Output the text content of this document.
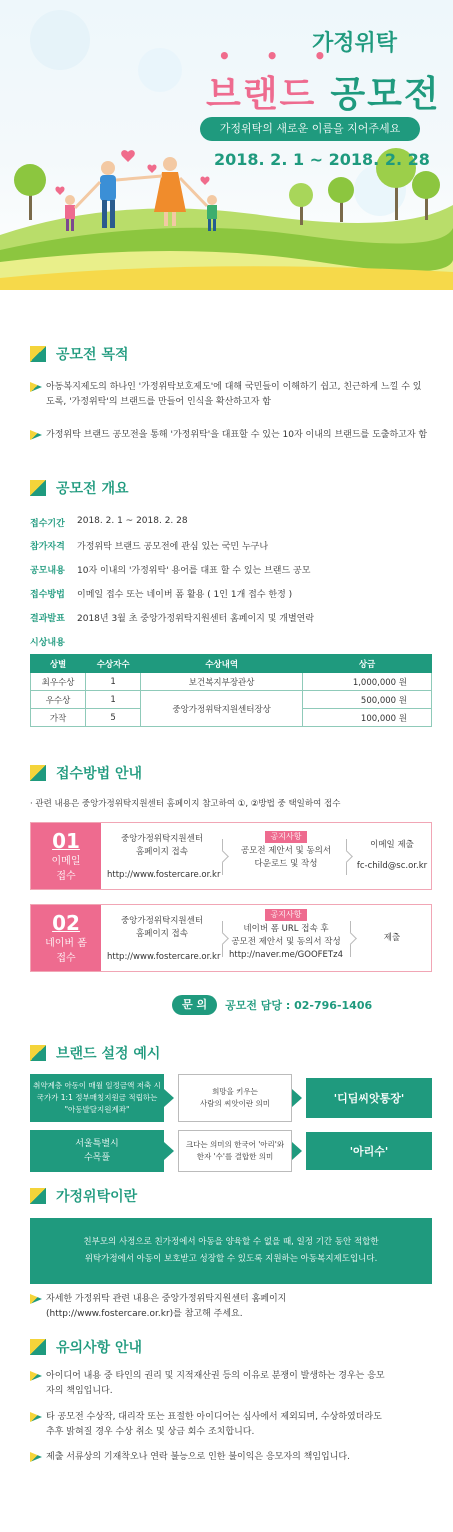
가정위탁
• • •
브랜드 공모전
가정위탁의 새로운 이름을 지어주세요
2018. 2. 1 ~ 2018. 2. 28
공모전 목적
아동복지제도의 하나인 '가정위탁보호제도'에 대해 국민들이 이해하기 쉽고, 친근하게 느낄 수 있도록, '가정위탁'의 브랜드를 만들어 인식을 확산하고자 함
가정위탁 브랜드 공모전을 통해 '가정위탁'을 대표할 수 있는 10자 이내의 브랜드를 도출하고자 함
공모전 개요
접수기간	2018. 2. 1 ~ 2018. 2. 28
참가자격	가정위탁 브랜드 공모전에 관심 있는 국민 누구나
공모내용	10자 이내의 '가정위탁' 용어를 대표 할 수 있는 브랜드 공모
접수방법	이메일 접수 또는 네이버 폼 활용 ( 1인 1개 접수 한정 )
결과발표	2018년 3월 초 중앙가정위탁지원센터 홈페이지 및 개별연락
시상내용
상별	수상자수	수상내역	상금
최우수상	1	보건복지부장관상	1,000,000 원
우수상	1	중앙가정위탁지원센터장상	500,000 원
가작	5		100,000 원
접수방법 안내
· 관련 내용은 중앙가정위탁지원센터 홈페이지 참고하여 ①, ②방법 중 택일하여 접수
01
이메일
접수
중앙가정위탁지원센터
홈페이지 접속
http://www.fostercare.or.kr
공지사항
공모전 제안서 및 동의서
다운로드 및 작성
이메일 제출
fc-child@sc.or.kr
02
네이버 폼
접수
중앙가정위탁지원센터
홈페이지 접속
http://www.fostercare.or.kr
공지사항
네이버 폼 URL 접속 후
공모전 제안서 및 동의서 작성
http://naver.me/GOOFETz4
제출
문 의	공모전 담당 : 02-796-1406
브랜드 설정 예시
취약계층 아동이 매월 일정금액 저축 시
국가가 1:1 정부매칭지원금 적립하는
"아동발달지원계좌"
희망을 키우는
사람의 씨앗이란 의미	'디딤씨앗통장'
서울특별시
수목풀
크다는 의미의 한국어 '아리'와
한자 '수'를 결합한 의미	'아리수'
가정위탁이란
친부모의 사정으로 친가정에서 아동을 양육할 수 없을 때, 일정 기간 동안 적합한
위탁가정에서 아동이 보호받고 성장할 수 있도록 지원하는 아동복지제도입니다.
자세한 가정위탁 관련 내용은 중앙가정위탁지원센터 홈페이지 (http://www.fostercare.or.kr)를 참고해 주세요.
유의사항 안내
아이디어 내용 중 타인의 권리 및 지적재산권 등의 이유로 분쟁이 발생하는 경우는 응모자의 책임입니다.
타 공모전 수상작, 대리작 또는 표절한 아이디어는 심사에서 제외되며, 수상하였더라도 추후 밝혀질 경우 수상 취소 및 상금 회수 조치합니다.
제출 서류상의 기재착오나 연락 불능으로 인한 불이익은 응모자의 책임입니다.
